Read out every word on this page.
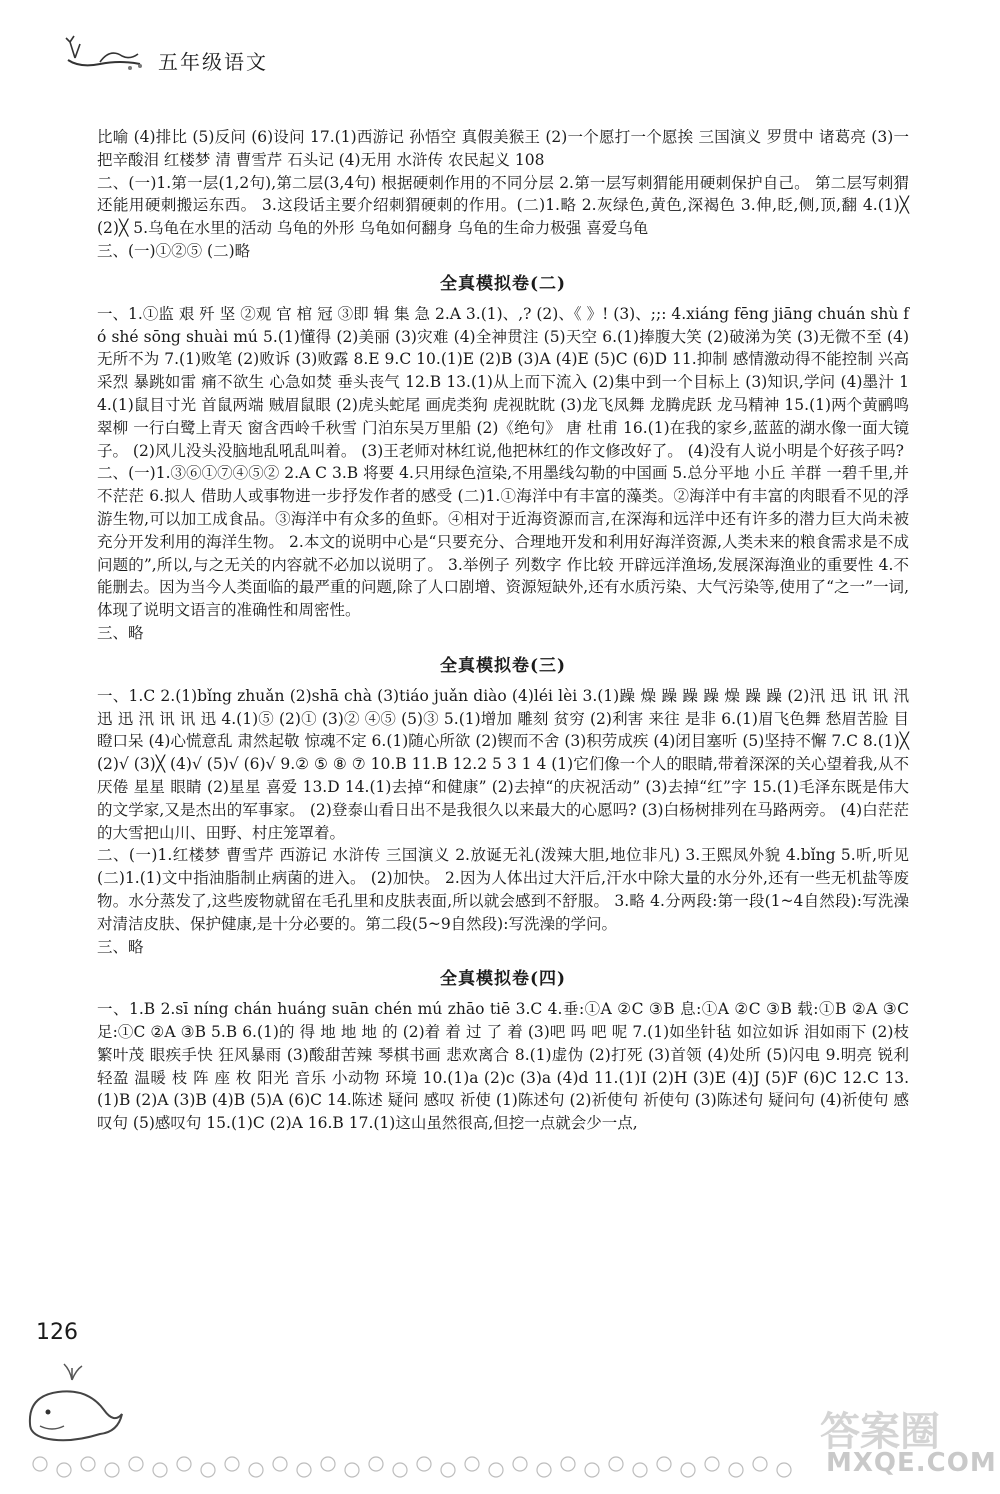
五年级语文

比喻 (4)排比 (5)反问 (6)设问 17.(1)西游记 孙悟空 真假美猴王 (2)一个愿打一个愿挨 三国演义 罗贯中 诸葛亮 (3)一把辛酸泪 红楼梦 清 曹雪芹 石头记 (4)无用 水浒传 农民起义 108

二、(一)1.第一层(1,2句),第二层(3,4句) 根据硬刺作用的不同分层 2.第一层写刺猬能用硬刺保护自己。 第二层写刺猬还能用硬刺搬运东西。 3.这段话主要介绍刺猬硬刺的作用。(二)1.略 2.灰绿色,黄色,深褐色 3.伸,眨,侧,顶,翻 4.(1)╳ (2)╳ 5.乌龟在水里的活动 乌龟的外形 乌龟如何翻身 乌龟的生命力极强 喜爱乌龟

三、(一)①②⑤ (二)略

全真模拟卷(二)

一、1.①监 艰 歼 坚 ②观 官 棺 冠 ③即 辑 集 急 2.A 3.(1)、,? (2)、《 》! (3)、;;: 4.xiáng fēng jiāng chuán shù fó shé sōng shuài mú 5.(1)懂得 (2)美丽 (3)灾难 (4)全神贯注 (5)天空 6.(1)捧腹大笑 (2)破涕为笑 (3)无微不至 (4)无所不为 7.(1)败笔 (2)败诉 (3)败露 8.E 9.C 10.(1)E (2)B (3)A (4)E (5)C (6)D 11.抑制 感情激动得不能控制 兴高采烈 暴跳如雷 痛不欲生 心急如焚 垂头丧气 12.B 13.(1)从上而下流入 (2)集中到一个目标上 (3)知识,学问 (4)墨汁 14.(1)鼠目寸光 首鼠两端 贼眉鼠眼 (2)虎头蛇尾 画虎类狗 虎视眈眈 (3)龙飞凤舞 龙腾虎跃 龙马精神 15.(1)两个黄鹂鸣翠柳 一行白鹭上青天 窗含西岭千秋雪 门泊东吴万里船 (2)《绝句》 唐 杜甫 16.(1)在我的家乡,蓝蓝的湖水像一面大镜子。 (2)风儿没头没脑地乱吼乱叫着。 (3)王老师对林红说,他把林红的作文修改好了。 (4)没有人说小明是个好孩子吗?

二、(一)1.③⑥①⑦④⑤② 2.A C 3.B 将要 4.只用绿色渲染,不用墨线勾勒的中国画 5.总分平地 小丘 羊群 一碧千里,并不茫茫 6.拟人 借助人或事物进一步抒发作者的感受 (二)1.①海洋中有丰富的藻类。②海洋中有丰富的肉眼看不见的浮游生物,可以加工成食品。③海洋中有众多的鱼虾。④相对于近海资源而言,在深海和远洋中还有许多的潜力巨大尚未被充分开发利用的海洋生物。 2.本文的说明中心是“只要充分、合理地开发和利用好海洋资源,人类未来的粮食需求是不成问题的”,所以,与之无关的内容就不必加以说明了。 3.举例子 列数字 作比较 开辟远洋渔场,发展深海渔业的重要性 4.不能删去。因为当今人类面临的最严重的问题,除了人口剧增、资源短缺外,还有水质污染、大气污染等,使用了“之一”一词,体现了说明文语言的准确性和周密性。

三、略

全真模拟卷(三)

一、1.C 2.(1)bǐng zhuǎn (2)shā chà (3)tiáo juǎn diào (4)léi lèi 3.(1)躁 燥 躁 躁 躁 燥 躁 躁 (2)汛 迅 讯 讯 汛 迅 迅 汛 讯 讯 迅 4.(1)⑤ (2)① (3)② ④⑤ (5)③ 5.(1)增加 雕刻 贫穷 (2)利害 来往 是非 6.(1)眉飞色舞 愁眉苦脸 目瞪口呆 (4)心慌意乱 肃然起敬 惊魂不定 6.(1)随心所欲 (2)锲而不舍 (3)积劳成疾 (4)闭目塞听 (5)坚持不懈 7.C 8.(1)╳ (2)√ (3)╳ (4)√ (5)√ (6)√ 9.② ⑤ ⑧ ⑦ 10.B 11.B 12.2 5 3 1 4 (1)它们像一个人的眼睛,带着深深的关心望着我,从不厌倦 星星 眼睛 (2)星星 喜爱 13.D 14.(1)去掉“和健康” (2)去掉“的庆祝活动” (3)去掉“红”字 15.(1)毛泽东既是伟大的文学家,又是杰出的军事家。 (2)登泰山看日出不是我很久以来最大的心愿吗? (3)白杨树排列在马路两旁。 (4)白茫茫的大雪把山川、田野、村庄笼罩着。

二、(一)1.红楼梦 曹雪芹 西游记 水浒传 三国演义 2.放诞无礼(泼辣大胆,地位非凡) 3.王熙凤外貌 4.bǐng 5.听,听见 (二)1.(1)文中指油脂制止病菌的进入。 (2)加快。 2.因为人体出过大汗后,汗水中除大量的水分外,还有一些无机盐等废物。水分蒸发了,这些废物就留在毛孔里和皮肤表面,所以就会感到不舒服。 3.略 4.分两段:第一段(1~4自然段):写洗澡对清洁皮肤、保护健康,是十分必要的。第二段(5~9自然段):写洗澡的学问。

三、略

全真模拟卷(四)

一、1.B 2.sī níng chán huáng suān chén mú zhāo tiē 3.C 4.垂:①A ②C ③B 息:①A ②C ③B 载:①B ②A ③C 足:①C ②A ③B 5.B 6.(1)的 得 地 地 地 的 (2)着 着 过 了 着 (3)吧 吗 吧 呢 7.(1)如坐针毡 如泣如诉 泪如雨下 (2)枝繁叶茂 眼疾手快 狂风暴雨 (3)酸甜苦辣 琴棋书画 悲欢离合 8.(1)虚伪 (2)打死 (3)首领 (4)处所 (5)闪电 9.明亮 锐利 轻盈 温暖 枝 阵 座 枚 阳光 音乐 小动物 环境 10.(1)a (2)c (3)a (4)d 11.(1)I (2)H (3)E (4)J (5)F (6)C 12.C 13.(1)B (2)A (3)B (4)B (5)A (6)C 14.陈述 疑问 感叹 祈使 (1)陈述句 (2)祈使句 祈使句 (3)陈述句 疑问句 (4)祈使句 感叹句 (5)感叹句 15.(1)C (2)A 16.B 17.(1)这山虽然很高,但挖一点就会少一点,

126
答案圈
MXQE.COM
